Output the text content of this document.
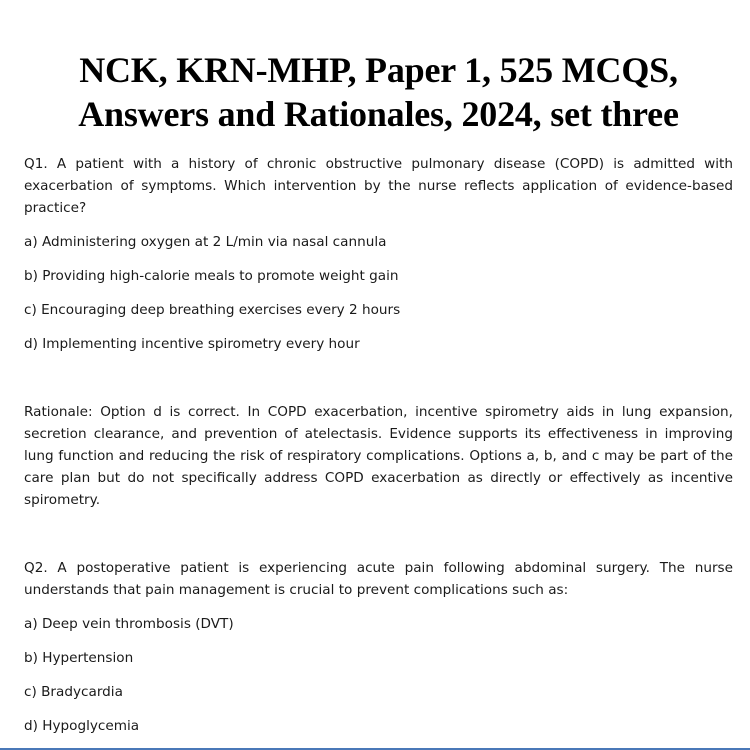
NCK, KRN-MHP, Paper 1, 525 MCQS,
Answers and Rationales, 2024, set three

Q1. A patient with a history of chronic obstructive pulmonary disease (COPD) is admitted with exacerbation of symptoms. Which intervention by the nurse reflects application of evidence-based practice?

a) Administering oxygen at 2 L/min via nasal cannula

b) Providing high-calorie meals to promote weight gain

c) Encouraging deep breathing exercises every 2 hours

d) Implementing incentive spirometry every hour

Rationale: Option d is correct. In COPD exacerbation, incentive spirometry aids in lung expansion, secretion clearance, and prevention of atelectasis. Evidence supports its effectiveness in improving lung function and reducing the risk of respiratory complications. Options a, b, and c may be part of the care plan but do not specifically address COPD exacerbation as directly or effectively as incentive spirometry.

Q2. A postoperative patient is experiencing acute pain following abdominal surgery. The nurse understands that pain management is crucial to prevent complications such as:

a) Deep vein thrombosis (DVT)

b) Hypertension

c) Bradycardia

d) Hypoglycemia
